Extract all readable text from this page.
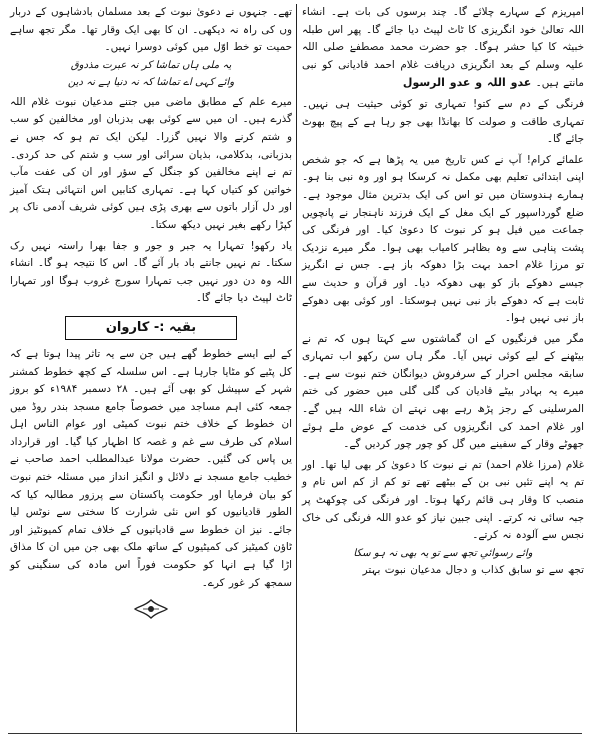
امپریزم کے سہارے چلائے گا۔ چند برسوں کی بات ہے۔ انشاء اللہ تعالیٰ خود انگریزی کا ٹاٹ لپیٹ دیا جائے گا۔ پھر اس طبلہ خبیثہ کا کیا حشر ہوگا۔ جو حضرت محمد مصطفےٰ صلی اللہ علیہ وسلم کے بعد انگریزی دریافت غلام احمد قادیانی کو نبی مانتے ہیں۔ عدو اللہ و عدو الرسول

فرنگی کے دم سے کتو! تمہاری تو کوئی حیثیت ہی نہیں۔ تمہاری طاقت و صولت کا بھانڈا بھی جو رہا ہے کے پیچ بھوٹ جائے گا۔

علمائے کرام! آپ نے کس تاریخ میں یہ پڑھا ہے کہ جو شخص اپنی ابتدائی تعلیم بھی مکمل نہ کرسکا ہو اور وہ نبی بنا ہو۔ ہمارے ہندوستان میں تو اس کی ایک بدترین مثال موجود ہے۔ ضلع گورداسپور کے ایک مغل کے ایک فرزند ناہنجار نے پانچویں جماعت میں فیل ہو کر نبوت کا دعویٰ کیا۔ اور فرنگی کی پشت پناہی سے وہ بظاہر کامیاب بھی ہوا۔ مگر میرے نزدیک تو مرزا غلام احمد بہت بڑا دھوکہ باز ہے۔ جس نے انگریز جیسے دھوکے باز کو بھی دھوکہ دیا۔ اور قرآن و حدیث سے ثابت ہے کہ دھوکے باز نبی نہیں ہوسکتا۔ اور کوئی بھی دھوکے باز نبی نہیں ہوا۔

مگر میں فرنگیوں کے ان گماشتوں سے کہتا ہوں کہ تم نے بیٹھنے کے لیے کوئی نہیں آیا۔ مگر ہاں سن رکھو اب تمہاری سابقہ مجلس احرار کے سرفروش دیوانگان ختم نبوت سے ہے۔ میرے یہ بہادر بیٹے قادیان کی گلی گلی میں حضور کی ختم المرسلینی کے رجز پڑھ رہے بھی نہتے ان شاء اللہ ہیں گے۔ اور غلام احمد کی انگریزوں کی خدمت کے عوض ملے ہوئے جھوٹے وقار کے سفینے میں گل کو چور چور کردیں گے۔

غلام (مرزا غلام احمد) تم نے نبوت کا دعویٰ کر بھی لیا تھا۔ اور تم یہ اپنے تئیں نبی بن کے بیٹھے تھے تو کم از کم اس نام و منصب کا وقار ہی قائم رکھا ہوتا۔ اور فرنگی کی چوکھٹ پر جبہ سائی نہ کرتے۔ اپنی جبین نیاز کو عدو اللہ فرنگی کی خاک نجس سے آلودہ نہ کرتے۔

وائے رسوائیِ تجھ سے تو یہ بھی نہ ہو سکا

تجھ سے تو سابق کذاب و دجال مدعیان نبوت بہتر

تھے۔ جنہوں نے دعویٰ نبوت کے بعد مسلمان بادشاہوں کے دربار وں کی راہ نہ دیکھی۔ ان کا بھی ایک وقار تھا۔ مگر تجھ ساہے حمیت تو خط اوّل میں کوئی دوسرا نہیں۔

یہ ملی ہاں تماشا کر نہ عبرت مذدوق

وائے کہی اے تماشا کہ نہ دنیا ہے نہ دین

میرے علم کے مطابق ماضی میں جتنے مدعیان نبوت غلام اللہ گذرے ہیں۔ ان میں سے کوئی بھی بدزبان اور مخالفین کو سب و شتم کرنے والا نہیں گزرا۔ لیکن ایک تم ہو کہ جس نے بدزبانی، بدکلامی، بذیان سرائی اور سب و شتم کی حد کردی۔ تم نے اپنے مخالفین کو جنگل کے سؤر اور ان کی عفت مآب خواتین کو کتیاں کہا ہے۔ تمہاری کتابیں اس انتہائی ہتک آمیز اور دل آزار باتوں سے بھری پڑی ہیں کوئی شریف آدمی ناک پر کپڑا رکھے بغیر نہیں دیکھ سکتا۔

یاد رکھو! تمہارا یہ جبر و جور و جفا بھرا راستہ نہیں رک سکتا۔ تم نہیں جانتے باد بار آئے گا۔ اس کا نتیجہ ہو گا۔ انشاء اللہ وہ دن دور نہیں جب تمہارا سورج غروب ہوگا اور تمہارا ٹاٹ لپیٹ دیا جائے گا۔

بقیہ :- کاروان

کے لیے ایسے خطوط گھے ہیں جن سے یہ تاثر پیدا ہوتا ہے کہ کل پٹیے کو مٹایا جارہا ہے۔ اس سلسلہ کے کچھ خطوط کمشنر شہر کے سپیشل کو بھی آئے ہیں۔ ۲۸ دسمبر ۱۹۸۴ء کو بروز جمعہ کئی اہم مساجد میں خصوصاً جامع مسجد بندر روڈ میں ان خطوط کے خلاف ختم نبوت کمیٹی اور عوام الناس اہل اسلام کی طرف سے غم و غصہ کا اظہار کیا گیا۔ اور قرارداد یں پاس کی گئیں۔ حضرت مولانا عبدالمطلب احمد صاحب نے خطیب جامع مسجد نے دلائل و انگیز انداز میں مسئلہ ختم نبوت کو بیان فرمایا اور حکومت پاکستان سے پرزور مطالبہ کیا کہ الطور قادیانیوں کو اس نئی شرارت کا سختی سے نوٹس لیا جائے۔ نیز ان خطوط سے قادیانیوں کے خلاف تمام کمیونٹیز اور ٹاؤن کمیٹیز کی کمیٹیوں کے ساتھ ملک بھی جن میں ان کا مذاق اڑا گیا ہے انہا کو حکومت فوراً اس مادہ کی سنگینی کو سمجھ کر غور کرے۔
